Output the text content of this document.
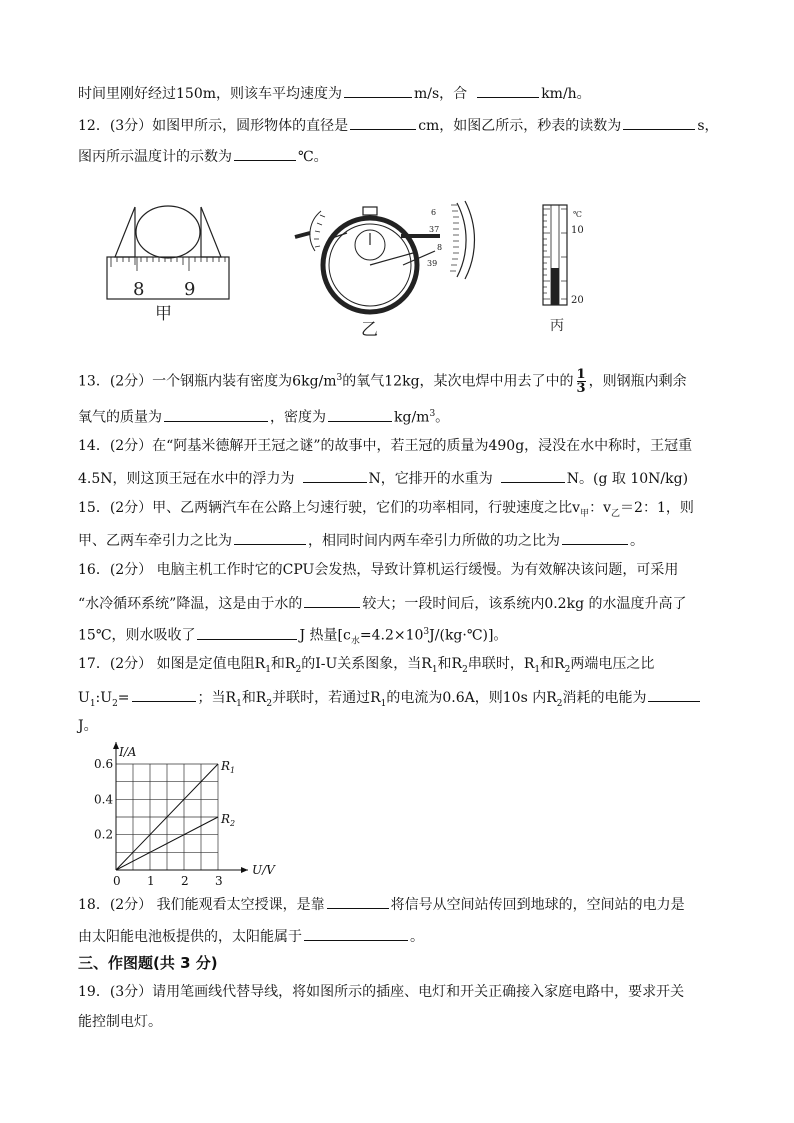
时间里刚好经过150m，则该车平均速度为	m/s，合	km/h。
12．(3分）如图甲所示，圆形物体的直径是	cm，如图乙所示，秒表的读数为	s，
图丙所示温度计的示数为	℃。
8 9
甲
6
37
8
39
乙
℃
10
20
丙
13．(2分）一个钢瓶内装有密度为$6kg/m^3$的氧气12kg，某次电焊中用去了中的 $\frac{1}{3}$ ，则钢瓶内剩余
氧气的质量为	，密度为	$kg/m^3$。
14．(2分）在“阿基米德解开王冠之谜”的故事中，若王冠的质量为490g，浸没在水中称时，王冠重
4.5N，则这顶王冠在水中的浮力为	N，它排开的水重为	N。(g 取 10N/kg)
15．(2分）甲、乙两辆汽车在公路上匀速行驶，它们的功率相同，行驶速度之比$v_甲$：$v_乙=2$：1，则
甲、乙两车牵引力之比为	，相同时间内两车牵引力所做的功之比为	。
16．(2分） 电脑主机工作时它的CPU会发热，导致计算机运行缓慢。为有效解决该问题，可采用
“水冷循环系统”降温，这是由于水的	较大；一段时间后，该系统内0.2kg 的水温度升高了
15℃，则水吸收了	J 热量$[c_水=4.2\times 10^3J/(kg\cdot℃)]$。
17．(2分） 如图是定值电阻$R_1$和$R_2$的I-U关系图象，当$R_1$和$R_2$串联时，$R_1$和$R_2$两端电压之比
$U_1:U_2=$	；当$R_1$和$R_2$并联时，若通过$R_1$的电流为0.6A，则10s 内$R_2$消耗的电能为
J。
0 1 2 3
0.2
0.4
0.6
I/A
U/V
$R_1$
$R_2$
18．(2分） 我们能观看太空授课，是靠	将信号从空间站传回到地球的，空间站的电力是
由太阳能电池板提供的，太阳能属于	。
三、作图题(共 3 分)
19．(3分）请用笔画线代替导线，将如图所示的插座、电灯和开关正确接入家庭电路中，要求开关
能控制电灯。
